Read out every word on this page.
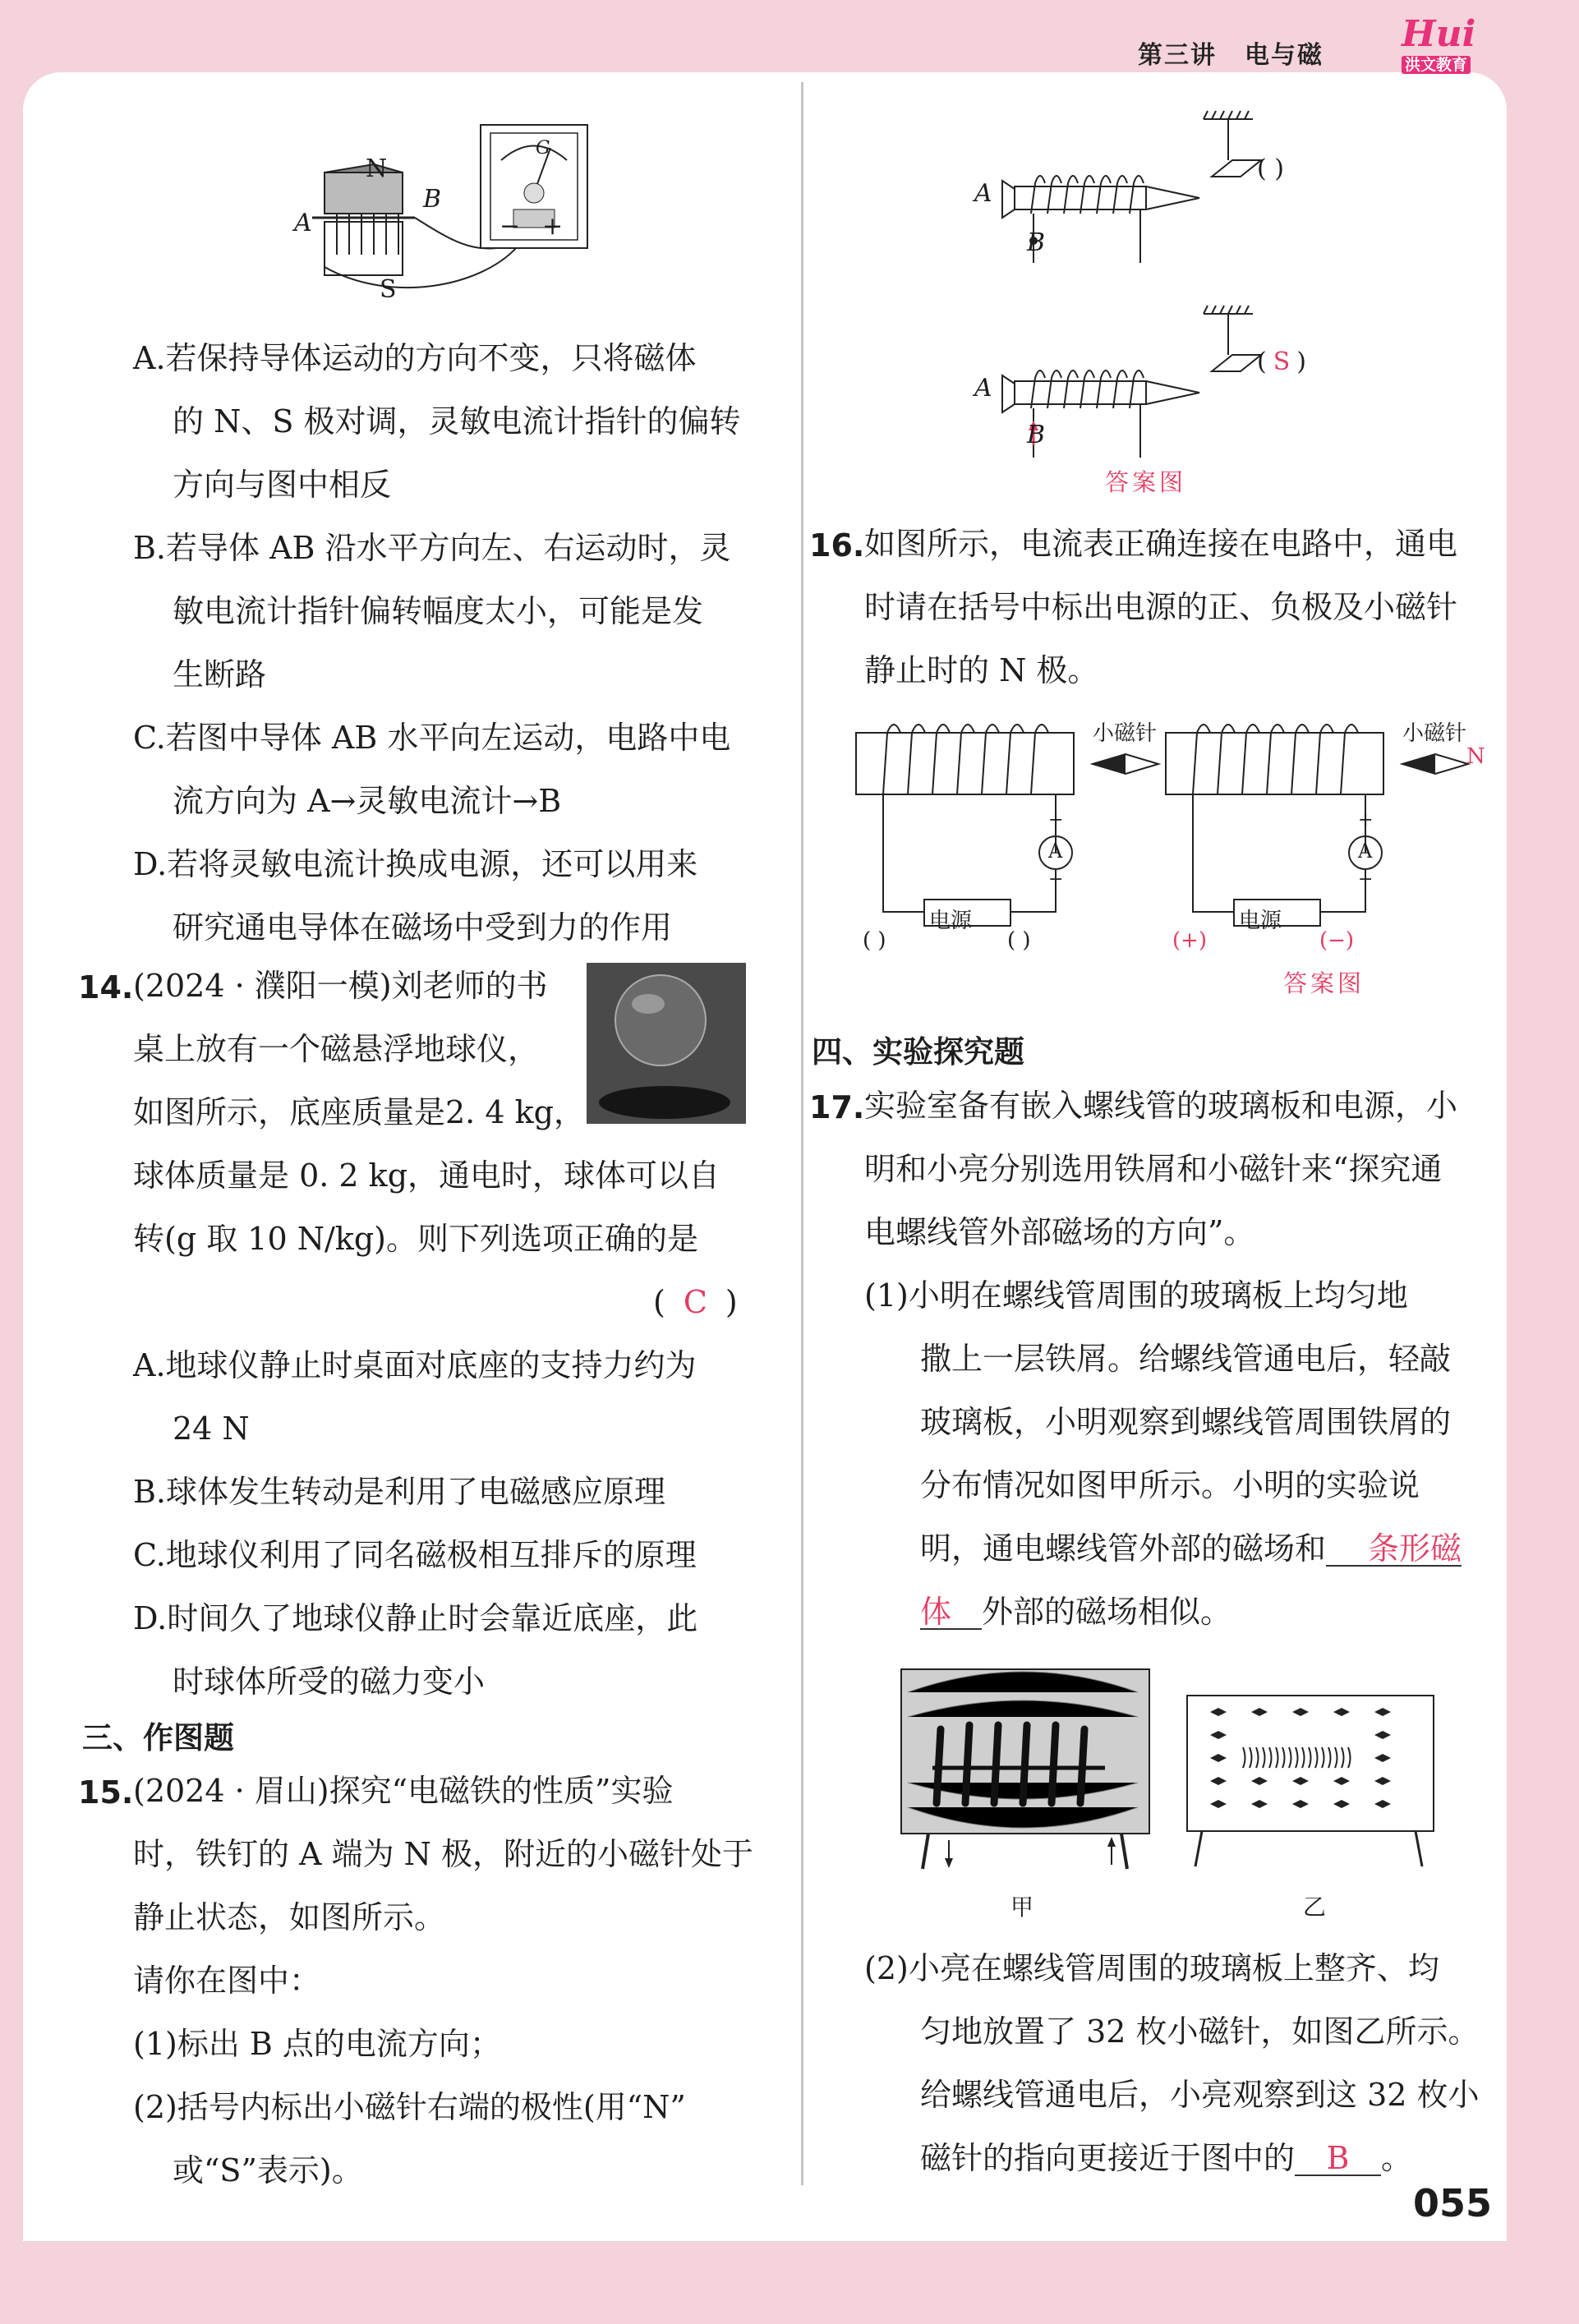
第三讲 电与磁
Hui
洪文教育
N
S
A
B
G
− +
A.若保持导体运动的方向不变，只将磁体
的 N、S 极对调，灵敏电流计指针的偏转
方向与图中相反
B.若导体 AB 沿水平方向左、右运动时，灵
敏电流计指针偏转幅度太小，可能是发
生断路
C.若图中导体 AB 水平向左运动，电路中电
流方向为 A→灵敏电流计→B
D.若将灵敏电流计换成电源，还可以用来
研究通电导体在磁场中受到力的作用
14. (2024 · 濮阳一模)刘老师的书
桌上放有一个磁悬浮地球仪，
如图所示，底座质量是2. 4 kg，
球体质量是 0. 2 kg，通电时，球体可以自
转(g 取 10 N/kg)。则下列选项正确的是
( C )
A.地球仪静止时桌面对底座的支持力约为
24 N
B.球体发生转动是利用了电磁感应原理
C.地球仪利用了同名磁极相互排斥的原理
D.时间久了地球仪静止时会靠近底座，此
时球体所受的磁力变小
三、作图题
15. (2024 · 眉山)探究“电磁铁的性质”实验
时，铁钉的 A 端为 N 极，附近的小磁针处于
静止状态，如图所示。
请你在图中：
(1)标出 B 点的电流方向；
(2)括号内标出小磁针右端的极性(用“N”
或“S”表示)。
A
B
( )
A
B
( S )
答案图
16. 如图所示，电流表正确连接在电路中，通电
时请在括号中标出电源的正、负极及小磁针
静止时的 N 极。
A
+
−
电源
( )	( )
小磁针
A
+
−
电源
(+)	(−)
小磁针
N
答案图
四、实验探究题
17. 实验室备有嵌入螺线管的玻璃板和电源，小
明和小亮分别选用铁屑和小磁针来“探究通
电螺线管外部磁场的方向”。
(1)小明在螺线管周围的玻璃板上均匀地
撒上一层铁屑。给螺线管通电后，轻敲
玻璃板，小明观察到螺线管周围铁屑的
分布情况如图甲所示。小明的实验说
明，通电螺线管外部的磁场和 条形磁
体 外部的磁场相似。
甲	乙
(2)小亮在螺线管周围的玻璃板上整齐、均
匀地放置了 32 枚小磁针，如图乙所示。
给螺线管通电后，小亮观察到这 32 枚小
磁针的指向更接近于图中的 B 。
055
